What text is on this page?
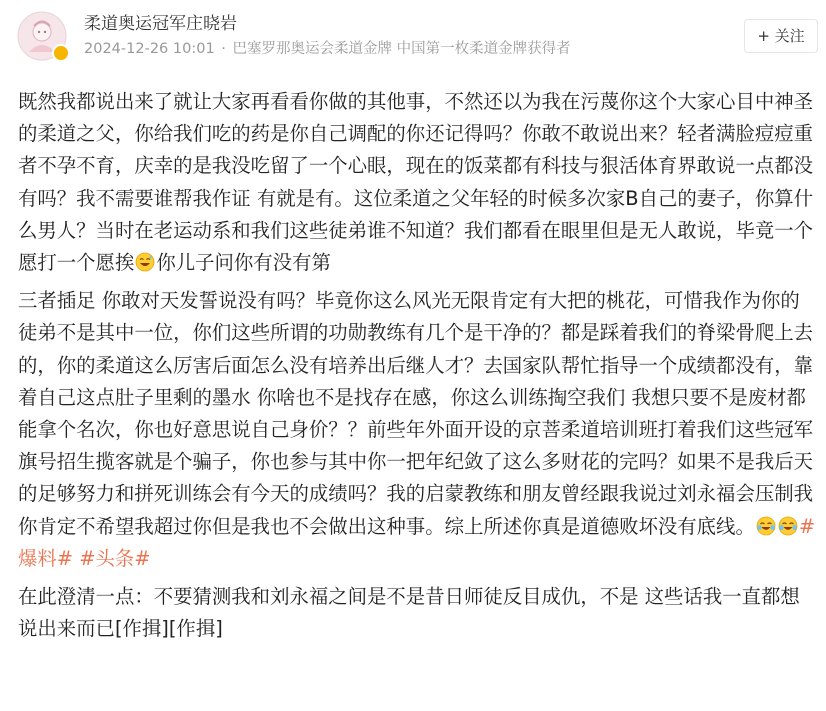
柔道奥运冠军庄晓岩
2024-12-26 10:01 · 巴塞罗那奥运会柔道金牌 中国第一枚柔道金牌获得者
+ 关注

既然我都说出来了就让大家再看看你做的其他事，不然还以为我在污蔑你这个大家心目中神圣的柔道之父，你给我们吃的药是你自己调配的你还记得吗？你敢不敢说出来？轻者满脸痘痘重者不孕不育，庆幸的是我没吃留了一个心眼，现在的饭菜都有科技与狠活体育界敢说一点都没有吗？我不需要谁帮我作证 有就是有。这位柔道之父年轻的时候多次家B自己的妻子，你算什么男人？当时在老运动系和我们这些徒弟谁不知道？我们都看在眼里但是无人敢说，毕竟一个愿打一个愿挨 你儿子问你有没有第

三者插足 你敢对天发誓说没有吗？毕竟你这么风光无限肯定有大把的桃花，可惜我作为你的徒弟不是其中一位，你们这些所谓的功勋教练有几个是干净的？都是踩着我们的脊梁骨爬上去的，你的柔道这么厉害后面怎么没有培养出后继人才？去国家队帮忙指导一个成绩都没有，靠着自己这点肚子里剩的墨水 你啥也不是找存在感，你这么训练掏空我们 我想只要不是废材都能拿个名次，你也好意思说自己身价？？前些年外面开设的京菩柔道培训班打着我们这些冠军旗号招生揽客就是个骗子，你也参与其中你一把年纪敛了这么多财花的完吗？如果不是我后天的足够努力和拼死训练会有今天的成绩吗？我的启蒙教练和朋友曾经跟我说过刘永福会压制我 你肯定不希望我超过你但是我也不会做出这种事。综上所述你真是道德败坏没有底线。 #爆料# #头条#

在此澄清一点：不要猜测我和刘永福之间是不是昔日师徒反目成仇，不是 这些话我一直都想说出来而已[作揖][作揖]
